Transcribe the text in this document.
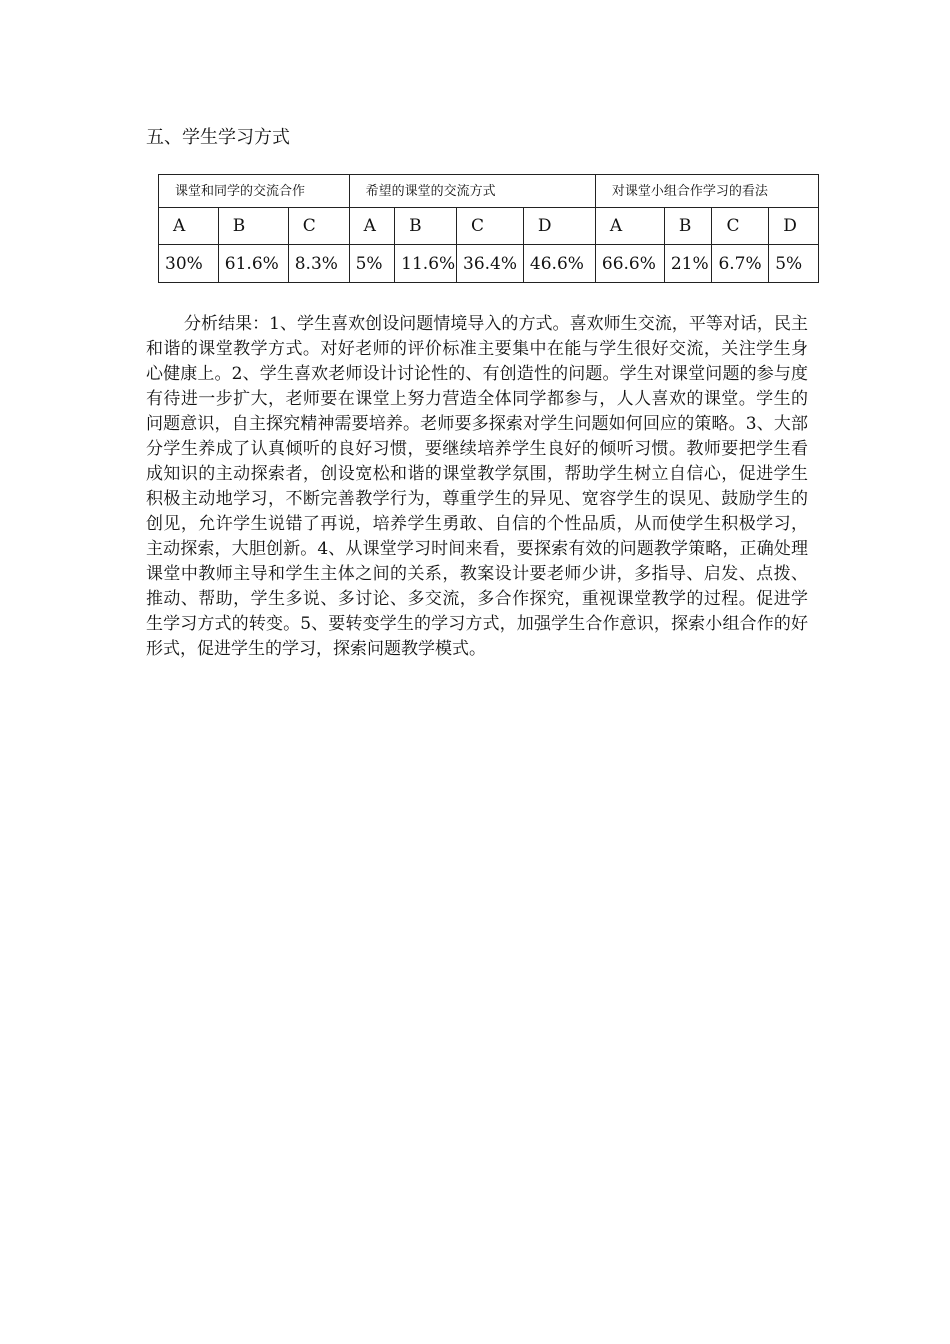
五、学生学习方式
课堂和同学的交流合作			希望的课堂的交流方式				对课堂小组合作学习的看法			
A	B	C	A	B	C	D	A	B	C	D
30%	61.6%	8.3%	5%	11.6%	36.4%	46.6%	66.6%	21%	6.7%	5%

分析结果：1、学生喜欢创设问题情境导入的方式。喜欢师生交流，平等对话，民主和谐的课堂教学方式。对好老师的评价标准主要集中在能与学生很好交流，关注学生身心健康上。2、学生喜欢老师设计讨论性的、有创造性的问题。学生对课堂问题的参与度有待进一步扩大，老师要在课堂上努力营造全体同学都参与，人人喜欢的课堂。学生的问题意识，自主探究精神需要培养。老师要多探索对学生问题如何回应的策略。3、大部分学生养成了认真倾听的良好习惯，要继续培养学生良好的倾听习惯。教师要把学生看成知识的主动探索者，创设宽松和谐的课堂教学氛围，帮助学生树立自信心，促进学生积极主动地学习，不断完善教学行为，尊重学生的异见、宽容学生的误见、鼓励学生的创见，允许学生说错了再说，培养学生勇敢、自信的个性品质，从而使学生积极学习，主动探索，大胆创新。4、从课堂学习时间来看，要探索有效的问题教学策略，正确处理课堂中教师主导和学生主体之间的关系，教案设计要老师少讲，多指导、启发、点拨、推动、帮助，学生多说、多讨论、多交流，多合作探究，重视课堂教学的过程。促进学生学习方式的转变。5、要转变学生的学习方式，加强学生合作意识，探索小组合作的好形式，促进学生的学习，探索问题教学模式。
